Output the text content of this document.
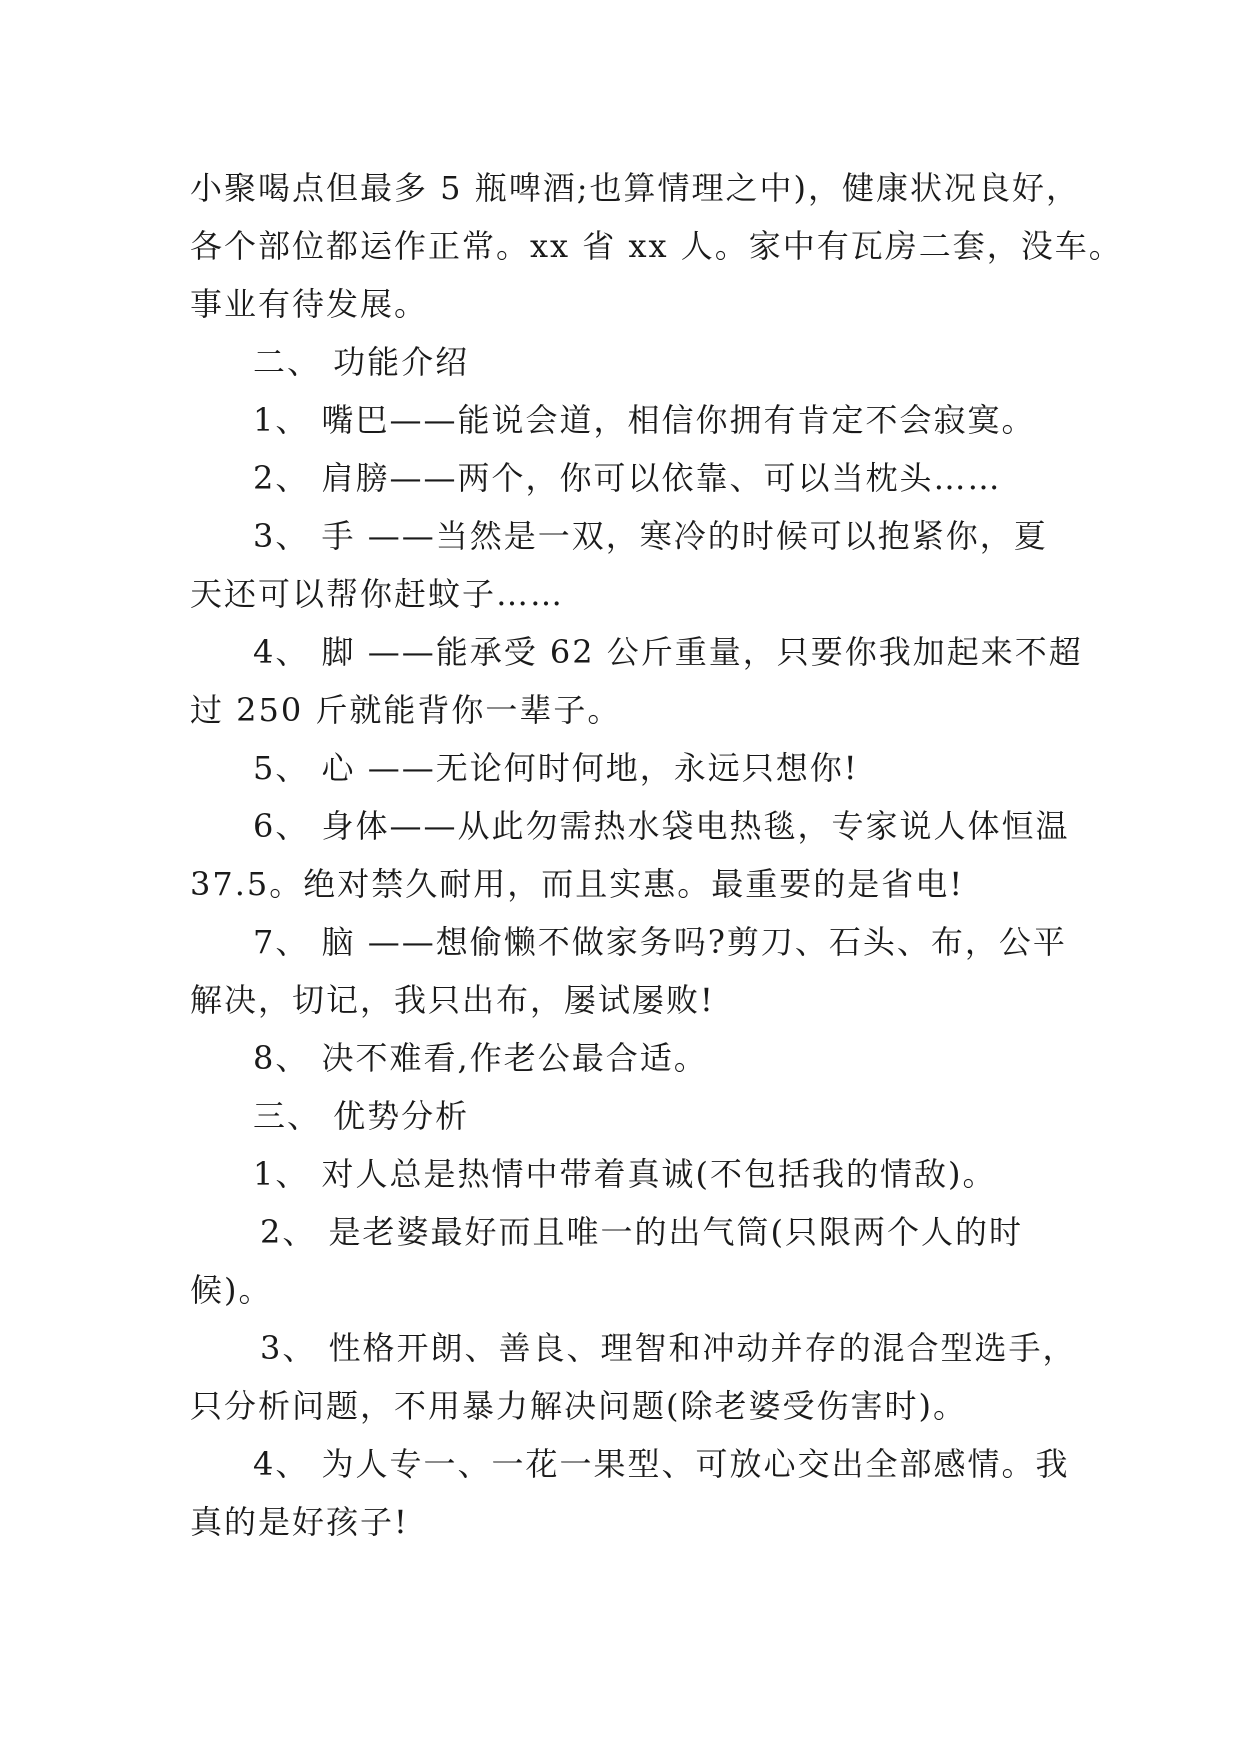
小聚喝点但最多 5 瓶啤酒;也算情理之中)，健康状况良好，
各个部位都运作正常。xx 省 xx 人。家中有瓦房二套，没车。
事业有待发展。
二、 功能介绍
1、 嘴巴——能说会道，相信你拥有肯定不会寂寞。
2、 肩膀——两个，你可以依靠、可以当枕头……
3、 手 ——当然是一双，寒冷的时候可以抱紧你，夏
天还可以帮你赶蚊子……
4、 脚 ——能承受 62 公斤重量，只要你我加起来不超
过 250 斤就能背你一辈子。
5、 心 ——无论何时何地，永远只想你!
6、 身体——从此勿需热水袋电热毯，专家说人体恒温
37.5。绝对禁久耐用，而且实惠。最重要的是省电!
7、 脑 ——想偷懒不做家务吗?剪刀、石头、布，公平
解决，切记，我只出布，屡试屡败!
8、 决不难看,作老公最合适。
三、 优势分析
1、 对人总是热情中带着真诚(不包括我的情敌)。
2、 是老婆最好而且唯一的出气筒(只限两个人的时
候)。
3、 性格开朗、善良、理智和冲动并存的混合型选手，
只分析问题，不用暴力解决问题(除老婆受伤害时)。
4、 为人专一、一花一果型、可放心交出全部感情。我
真的是好孩子!
